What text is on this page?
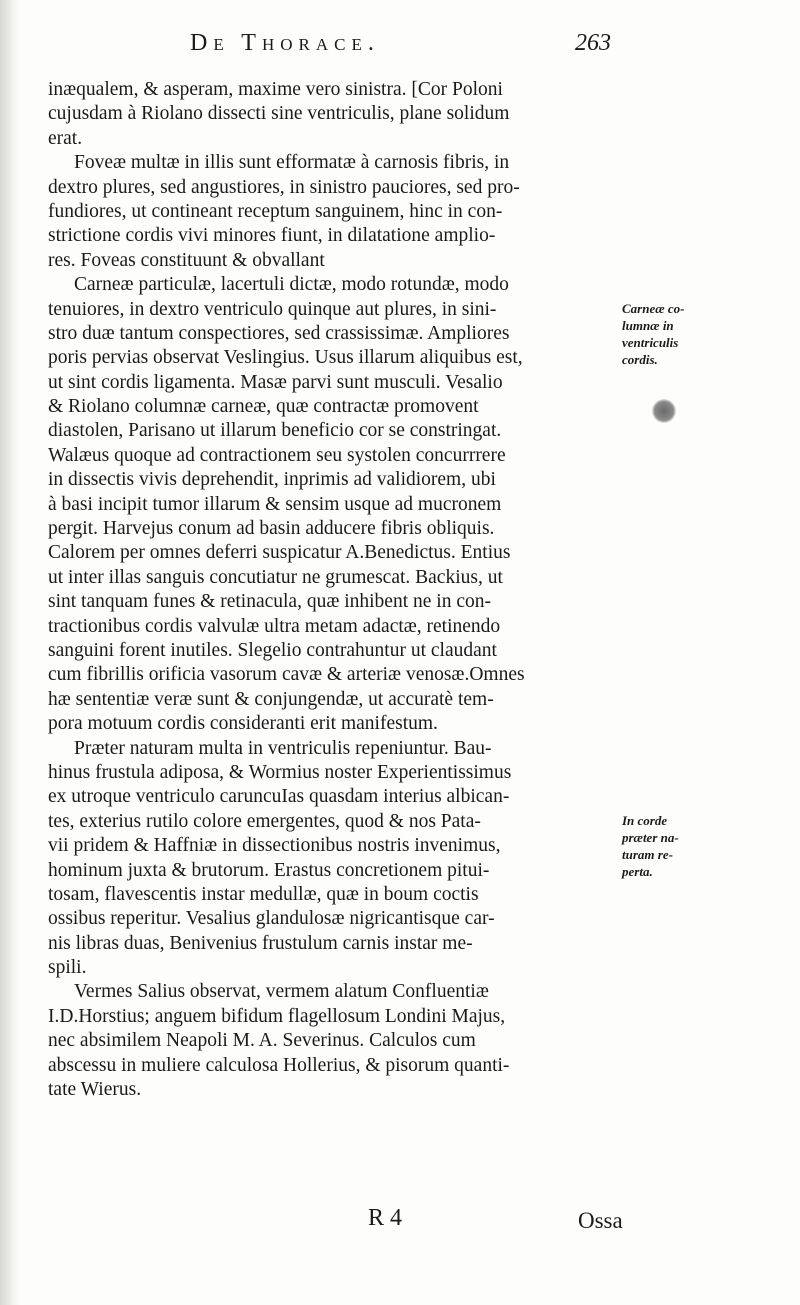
De Thorace.	263
inæqualem, & asperam, maxime vero sinistra. [Cor Poloni
cujusdam à Riolano dissecti sine ventriculis, plane solidum
erat.
Foveæ multæ in illis sunt efformatæ à carnosis fibris, in
dextro plures, sed angustiores, in sinistro pauciores, sed pro-
fundiores, ut contineant receptum sanguinem, hinc in con-
strictione cordis vivi minores fiunt, in dilatatione amplio-
res. Foveas constituunt & obvallant
Carneæ particulæ, lacertuli dictæ, modo rotundæ, modo
tenuiores, in dextro ventriculo quinque aut plures, in sini-
stro duæ tantum conspectiores, sed crassissimæ. Ampliores
poris pervias observat Veslingius. Usus illarum aliquibus est,
ut sint cordis ligamenta. Masæ parvi sunt musculi. Vesalio
& Riolano columnæ carneæ, quæ contractæ promovent
diastolen, Parisano ut illarum beneficio cor se constringat.
Walæus quoque ad contractionem seu systolen concurrrere
in dissectis vivis deprehendit, inprimis ad validiorem, ubi
à basi incipit tumor illarum & sensim usque ad mucronem
pergit. Harvejus conum ad basin adducere fibris obliquis.
Calorem per omnes deferri suspicatur A.Benedictus. Entius
ut inter illas sanguis concutiatur ne grumescat. Backius, ut
sint tanquam funes & retinacula, quæ inhibent ne in con-
tractionibus cordis valvulæ ultra metam adactæ, retinendo
sanguini forent inutiles. Slegelio contrahuntur ut claudant
cum fibrillis orificia vasorum cavæ & arteriæ venosæ.Omnes
hæ sententiæ veræ sunt & conjungendæ, ut accuratè tem-
pora motuum cordis consideranti erit manifestum.
Præter naturam multa in ventriculis repeniuntur. Bau-
hinus frustula adiposa, & Wormius noster Experientissimus
ex utroque ventriculo caruncuIas quasdam interius albican-
tes, exterius rutilo colore emergentes, quod & nos Pata-
vii pridem & Haffniæ in dissectionibus nostris invenimus,
hominum juxta & brutorum. Erastus concretionem pitui-
tosam, flavescentis instar medullæ, quæ in boum coctis
ossibus reperitur. Vesalius glandulosæ nigricantisque car-
nis libras duas, Benivenius frustulum carnis instar me-
spili.
Vermes Salius observat, vermem alatum Confluentiæ
I.D.Horstius; anguem bifidum flagellosum Londini Majus,
nec absimilem Neapoli M. A. Severinus. Calculos cum
abscessu in muliere calculosa Hollerius, & pisorum quanti-
tate Wierus.
Carneæ co-
lumnæ in
ventriculis
cordis.
In corde
præter na-
turam re-
perta.
R 4	Ossa
